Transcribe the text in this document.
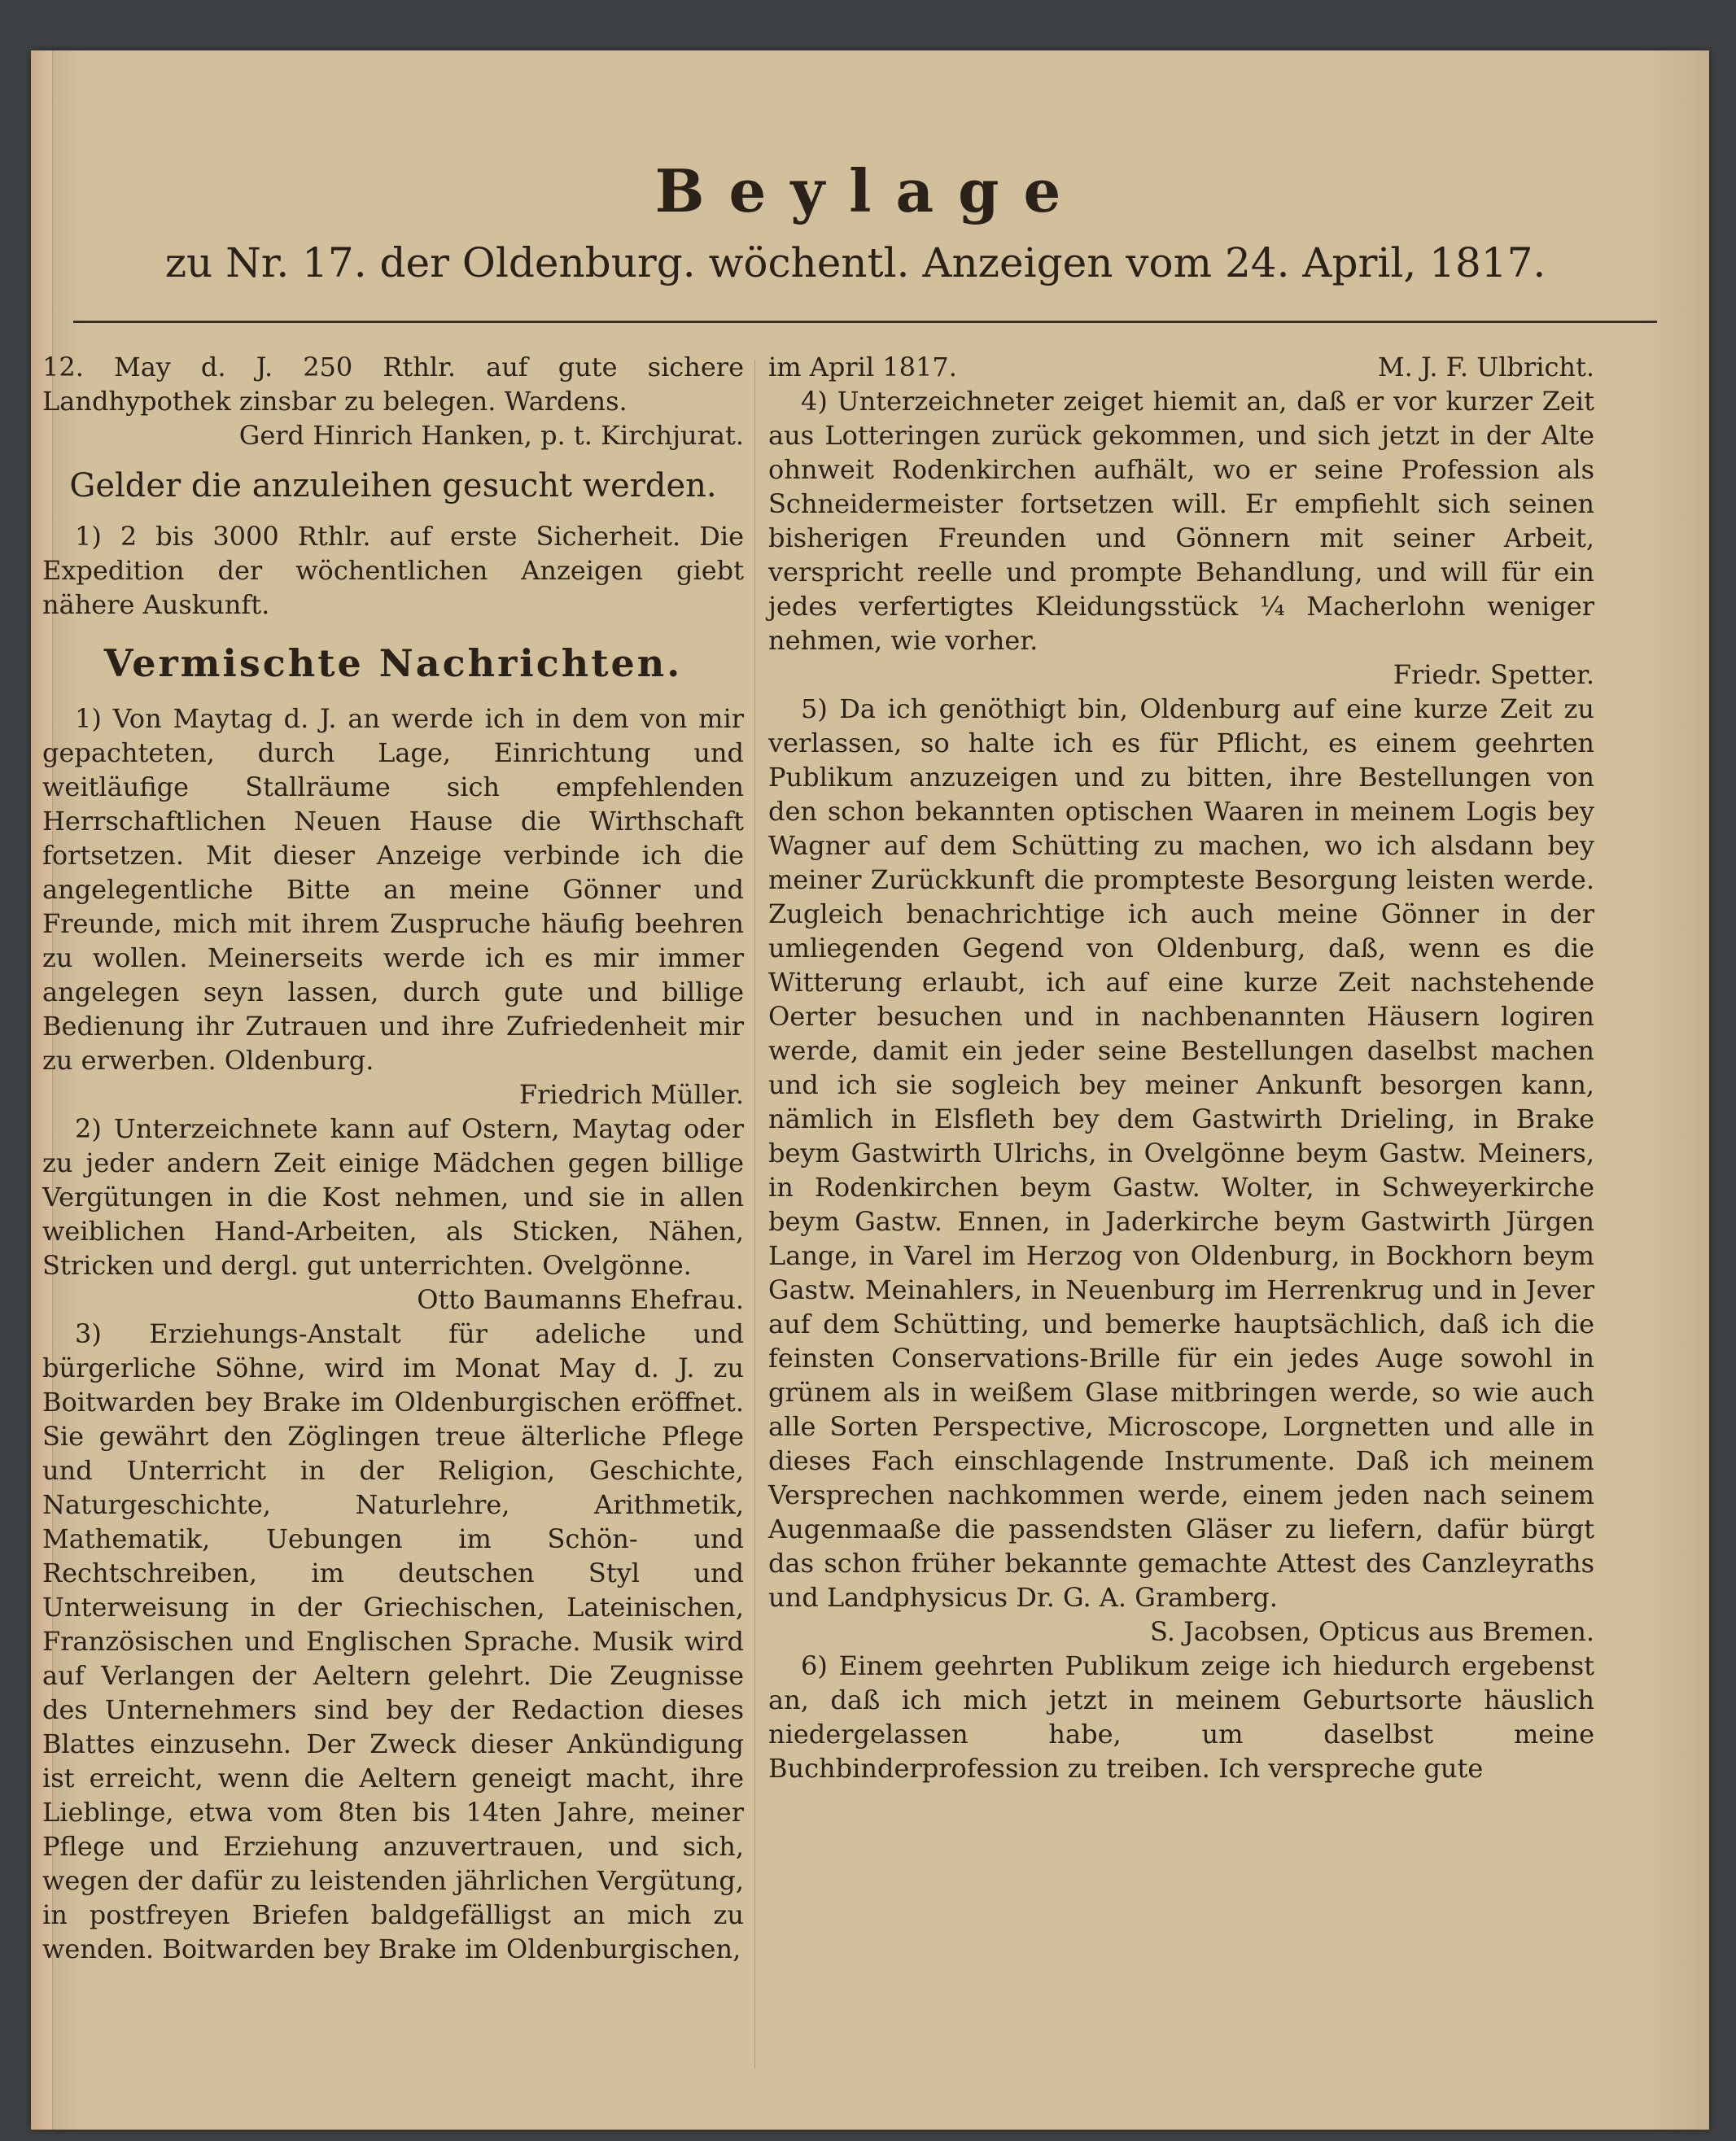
Beylage
zu Nr. 17. der Oldenburg. wöchentl. Anzeigen vom 24. April, 1817.

12. May d. J. 250 Rthlr. auf gute sichere Landhypothek zinsbar zu belegen. Wardens.

Gerd Hinrich Hanken, p. t. Kirchjurat.

Gelder die anzuleihen gesucht werden.

1) 2 bis 3000 Rthlr. auf erste Sicherheit. Die Expedition der wöchentlichen Anzeigen giebt nähere Auskunft.

Vermischte Nachrichten.

1) Von Maytag d. J. an werde ich in dem von mir gepachteten, durch Lage, Einrichtung und weitläufige Stallräume sich empfehlenden Herrschaftlichen Neuen Hause die Wirthschaft fortsetzen. Mit dieser Anzeige verbinde ich die angelegentliche Bitte an meine Gönner und Freunde, mich mit ihrem Zuspruche häufig beehren zu wollen. Meinerseits werde ich es mir immer angelegen seyn lassen, durch gute und billige Bedienung ihr Zutrauen und ihre Zufriedenheit mir zu erwerben. Oldenburg.

Friedrich Müller.

2) Unterzeichnete kann auf Ostern, Maytag oder zu jeder andern Zeit einige Mädchen gegen billige Vergütungen in die Kost nehmen, und sie in allen weiblichen Hand-Arbeiten, als Sticken, Nähen, Stricken und dergl. gut unterrichten. Ovelgönne.

Otto Baumanns Ehefrau.

3) Erziehungs-Anstalt für adeliche und bürgerliche Söhne, wird im Monat May d. J. zu Boitwarden bey Brake im Oldenburgischen eröffnet. Sie gewährt den Zöglingen treue älterliche Pflege und Unterricht in der Religion, Geschichte, Naturgeschichte, Naturlehre, Arithmetik, Mathematik, Uebungen im Schön- und Rechtschreiben, im deutschen Styl und Unterweisung in der Griechischen, Lateinischen, Französischen und Englischen Sprache. Musik wird auf Verlangen der Aeltern gelehrt. Die Zeugnisse des Unternehmers sind bey der Redaction dieses Blattes einzusehn. Der Zweck dieser Ankündigung ist erreicht, wenn die Aeltern geneigt macht, ihre Lieblinge, etwa vom 8ten bis 14ten Jahre, meiner Pflege und Erziehung anzuvertrauen, und sich, wegen der dafür zu leistenden jährlichen Vergütung, in postfreyen Briefen baldgefälligst an mich zu wenden. Boitwarden bey Brake im Oldenburgischen,

im April 1817.	M. J. F. Ulbricht.

4) Unterzeichneter zeiget hiemit an, daß er vor kurzer Zeit aus Lotteringen zurück gekommen, und sich jetzt in der Alte ohnweit Rodenkirchen aufhält, wo er seine Profession als Schneidermeister fortsetzen will. Er empfiehlt sich seinen bisherigen Freunden und Gönnern mit seiner Arbeit, verspricht reelle und prompte Behandlung, und will für ein jedes verfertigtes Kleidungsstück ¼ Macherlohn weniger nehmen, wie vorher.

Friedr. Spetter.

5) Da ich genöthigt bin, Oldenburg auf eine kurze Zeit zu verlassen, so halte ich es für Pflicht, es einem geehrten Publikum anzuzeigen und zu bitten, ihre Bestellungen von den schon bekannten optischen Waaren in meinem Logis bey Wagner auf dem Schütting zu machen, wo ich alsdann bey meiner Zurückkunft die prompteste Besorgung leisten werde. Zugleich benachrichtige ich auch meine Gönner in der umliegenden Gegend von Oldenburg, daß, wenn es die Witterung erlaubt, ich auf eine kurze Zeit nachstehende Oerter besuchen und in nachbenannten Häusern logiren werde, damit ein jeder seine Bestellungen daselbst machen und ich sie sogleich bey meiner Ankunft besorgen kann, nämlich in Elsfleth bey dem Gastwirth Drieling, in Brake beym Gastwirth Ulrichs, in Ovelgönne beym Gastw. Meiners, in Rodenkirchen beym Gastw. Wolter, in Schweyerkirche beym Gastw. Ennen, in Jaderkirche beym Gastwirth Jürgen Lange, in Varel im Herzog von Oldenburg, in Bockhorn beym Gastw. Meinahlers, in Neuenburg im Herrenkrug und in Jever auf dem Schütting, und bemerke hauptsächlich, daß ich die feinsten Conservations-Brille für ein jedes Auge sowohl in grünem als in weißem Glase mitbringen werde, so wie auch alle Sorten Perspective, Microscope, Lorgnetten und alle in dieses Fach einschlagende Instrumente. Daß ich meinem Versprechen nachkommen werde, einem jeden nach seinem Augenmaaße die passendsten Gläser zu liefern, dafür bürgt das schon früher bekannte gemachte Attest des Canzleyraths und Landphysicus Dr. G. A. Gramberg.

S. Jacobsen, Opticus aus Bremen.

6) Einem geehrten Publikum zeige ich hiedurch ergebenst an, daß ich mich jetzt in meinem Geburtsorte häuslich niedergelassen habe, um daselbst meine Buchbinderprofession zu treiben. Ich verspreche gute
